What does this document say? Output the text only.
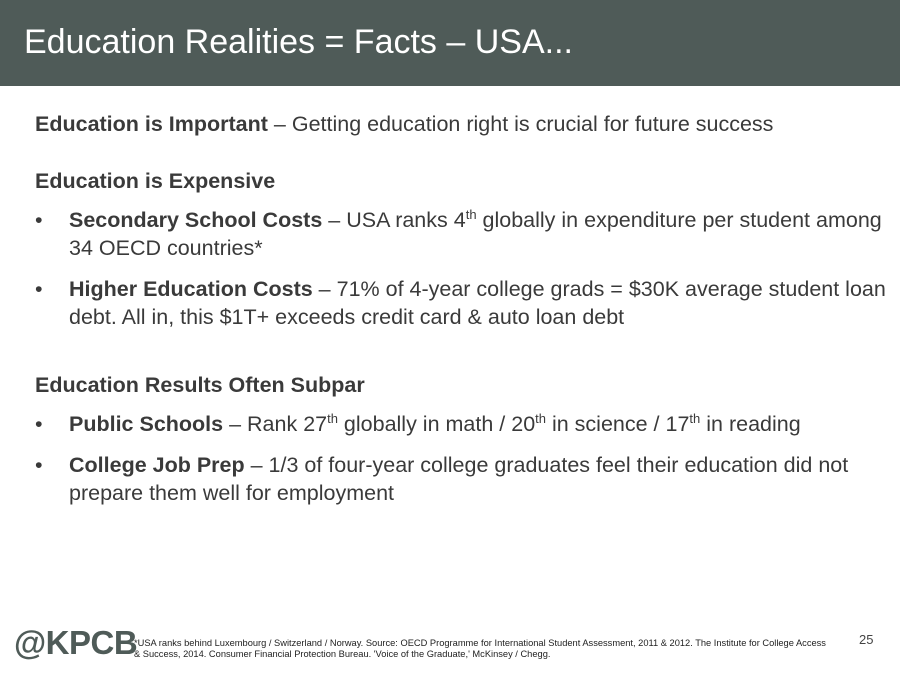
Education Realities = Facts – USA...

Education is Important – Getting education right is crucial for future success

Education is Expensive

• Secondary School Costs – USA ranks 4th globally in expenditure per student among 34 OECD countries*
• Higher Education Costs – 71% of 4-year college grads = $30K average student loan debt. All in, this $1T+ exceeds credit card & auto loan debt

Education Results Often Subpar

• Public Schools – Rank 27th globally in math / 20th in science / 17th in reading
• College Job Prep – 1/3 of four-year college graduates feel their education did not prepare them well for employment
@KPCB
*USA ranks behind Luxembourg / Switzerland / Norway. Source: OECD Programme for International Student Assessment, 2011 & 2012. The Institute for College Access & Success, 2014. Consumer Financial Protection Bureau. 'Voice of the Graduate,' McKinsey / Chegg.
25
